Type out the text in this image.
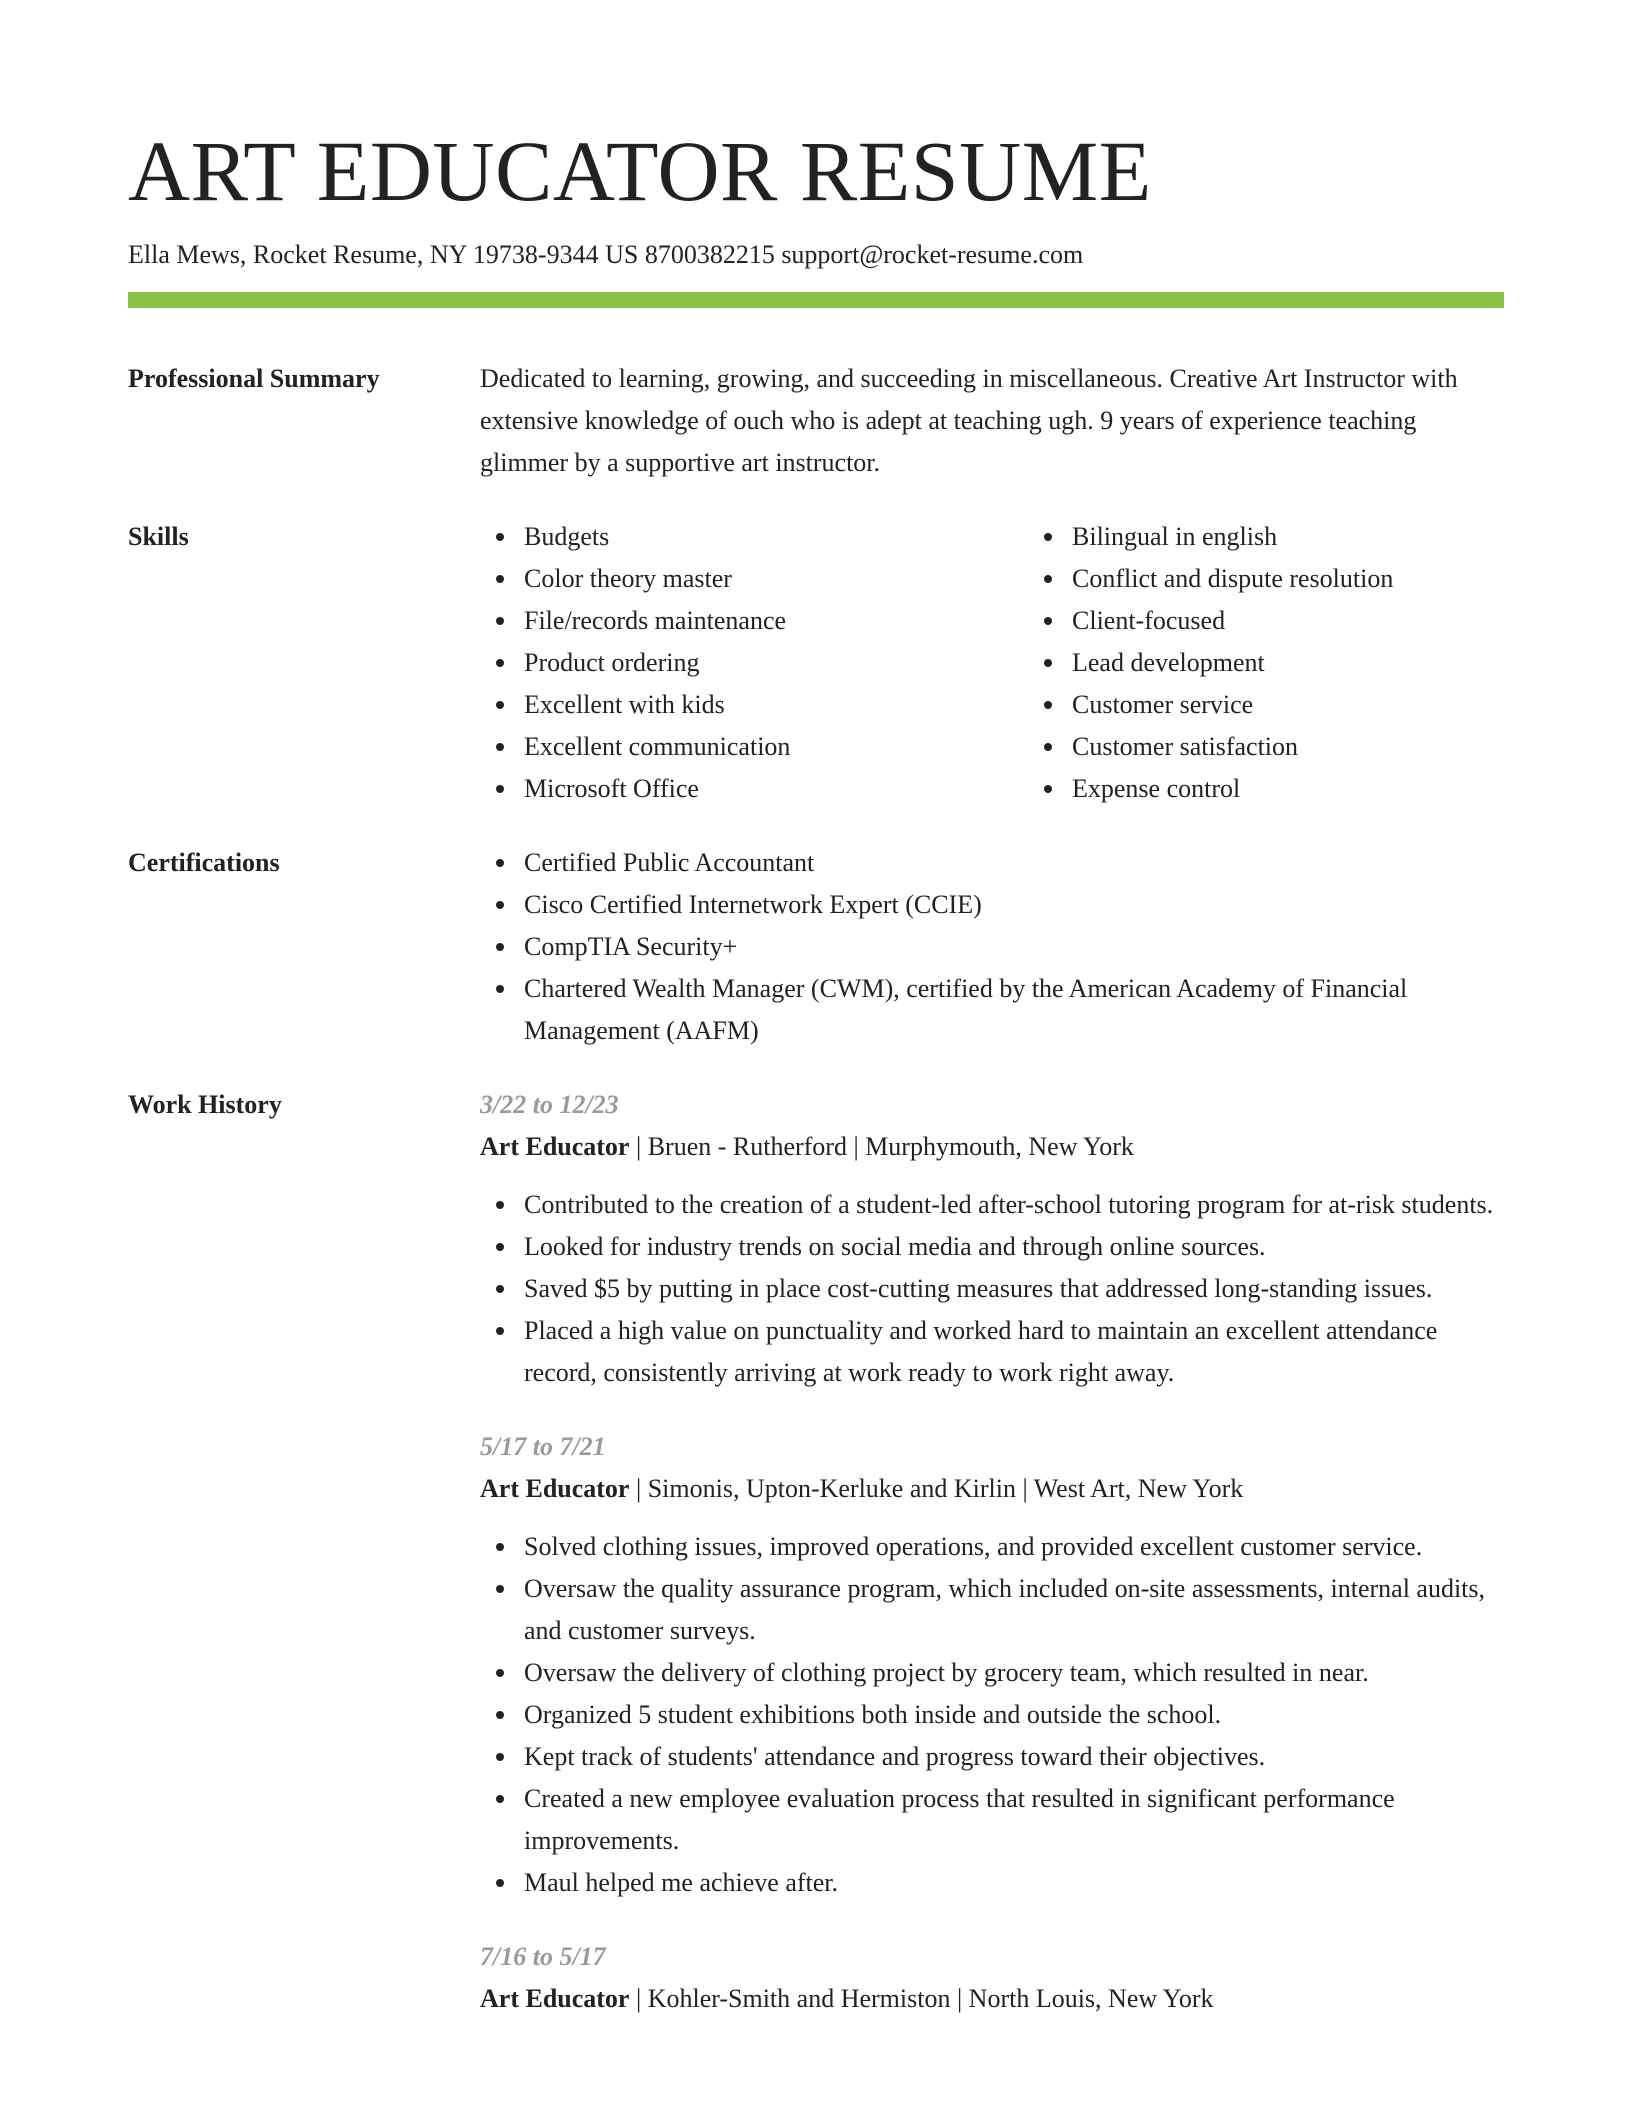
ART EDUCATOR RESUME
Ella Mews, Rocket Resume, NY 19738-9344 US 8700382215 support@rocket-resume.com
Professional Summary	Dedicated to learning, growing, and succeeding in miscellaneous. Creative Art Instructor with extensive knowledge of ouch who is adept at teaching ugh. 9 years of experience teaching glimmer by a supportive art instructor.
Skills	Budgets
Color theory master
File/records maintenance
Product ordering
Excellent with kids
Excellent communication
Microsoft Office
Bilingual in english
Conflict and dispute resolution
Client-focused
Lead development
Customer service
Customer satisfaction
Expense control
Certifications	Certified Public Accountant
Cisco Certified Internetwork Expert (CCIE)
CompTIA Security+
Chartered Wealth Manager (CWM), certified by the American Academy of Financial Management (AAFM)
Work History	3/22 to 12/23
Art Educator | Bruen - Rutherford | Murphymouth, New York
Contributed to the creation of a student-led after-school tutoring program for at-risk students.
Looked for industry trends on social media and through online sources.
Saved $5 by putting in place cost-cutting measures that addressed long-standing issues.
Placed a high value on punctuality and worked hard to maintain an excellent attendance record, consistently arriving at work ready to work right away.
5/17 to 7/21
Art Educator | Simonis, Upton-Kerluke and Kirlin | West Art, New York
Solved clothing issues, improved operations, and provided excellent customer service.
Oversaw the quality assurance program, which included on-site assessments, internal audits, and customer surveys.
Oversaw the delivery of clothing project by grocery team, which resulted in near.
Organized 5 student exhibitions both inside and outside the school.
Kept track of students' attendance and progress toward their objectives.
Created a new employee evaluation process that resulted in significant performance improvements.
Maul helped me achieve after.
7/16 to 5/17
Art Educator | Kohler-Smith and Hermiston | North Louis, New York
